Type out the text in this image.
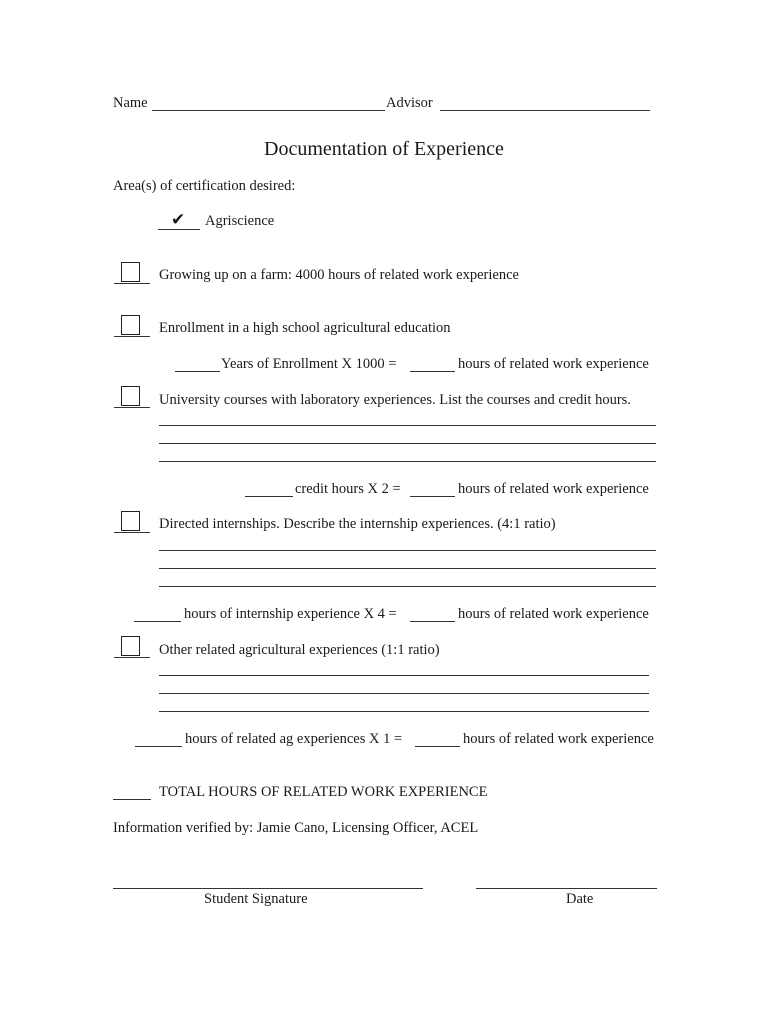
Name	Advisor
Documentation of Experience
Area(s) of certification desired:
✔ Agriscience
Growing up on a farm: 4000 hours of related work experience
Enrollment in a high school agricultural education
Years of Enrollment X 1000 =	hours of related work experience
University courses with laboratory experiences. List the courses and credit hours.
credit hours X 2 =	hours of related work experience
Directed internships. Describe the internship experiences. (4:1 ratio)
hours of internship experience X 4 =	hours of related work experience
Other related agricultural experiences (1:1 ratio)
hours of related ag experiences X 1 =	hours of related work experience
TOTAL HOURS OF RELATED WORK EXPERIENCE
Information verified by: Jamie Cano, Licensing Officer, ACEL
Student Signature	Date
